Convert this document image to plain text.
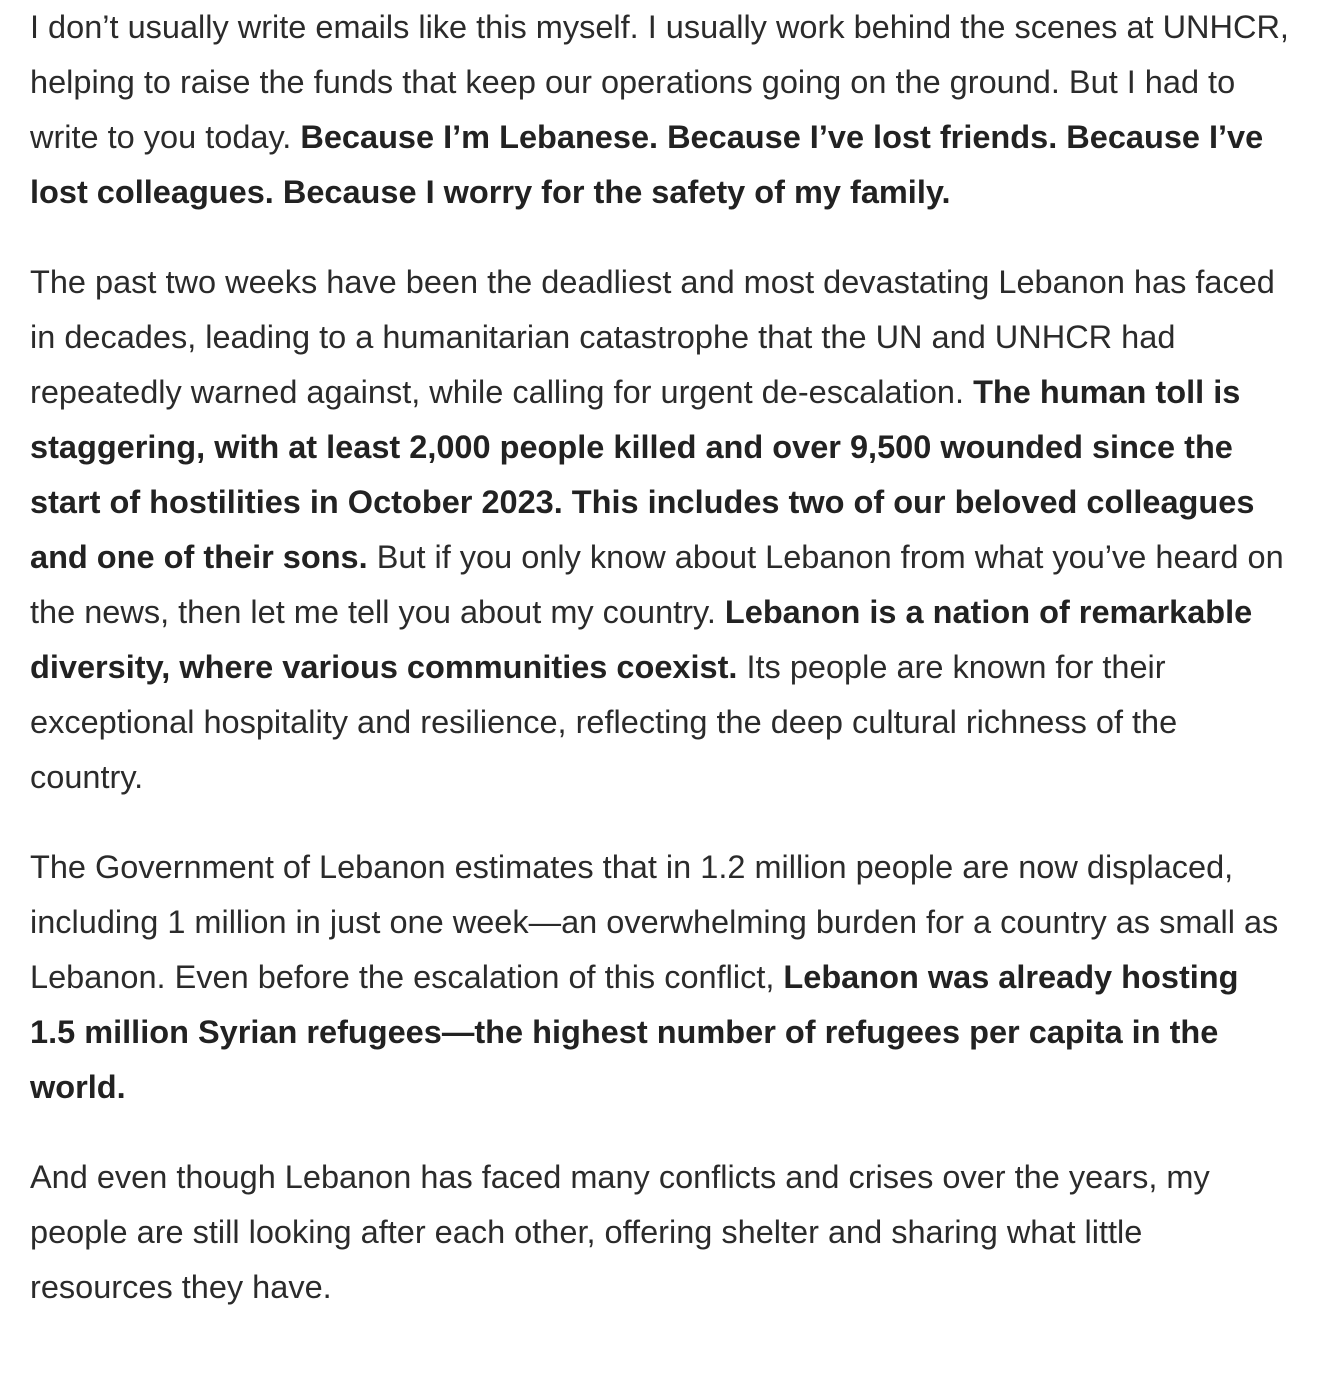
I don’t usually write emails like this myself. I usually work behind the scenes at UNHCR, helping to raise the funds that keep our operations going on the ground. But I had to write to you today. Because I’m Lebanese. Because I’ve lost friends. Because I’ve lost colleagues. Because I worry for the safety of my family.

The past two weeks have been the deadliest and most devastating Lebanon has faced in decades, leading to a humanitarian catastrophe that the UN and UNHCR had repeatedly warned against, while calling for urgent de-escalation. The human toll is staggering, with at least 2,000 people killed and over 9,500 wounded since the start of hostilities in October 2023. This includes two of our beloved colleagues and one of their sons. But if you only know about Lebanon from what you’ve heard on the news, then let me tell you about my country. Lebanon is a nation of remarkable diversity, where various communities coexist. Its people are known for their exceptional hospitality and resilience, reflecting the deep cultural richness of the country.

The Government of Lebanon estimates that in 1.2 million people are now displaced, including 1 million in just one week—an overwhelming burden for a country as small as Lebanon. Even before the escalation of this conflict, Lebanon was already hosting 1.5 million Syrian refugees—the highest number of refugees per capita in the world.

And even though Lebanon has faced many conflicts and crises over the years, my people are still looking after each other, offering shelter and sharing what little resources they have.
